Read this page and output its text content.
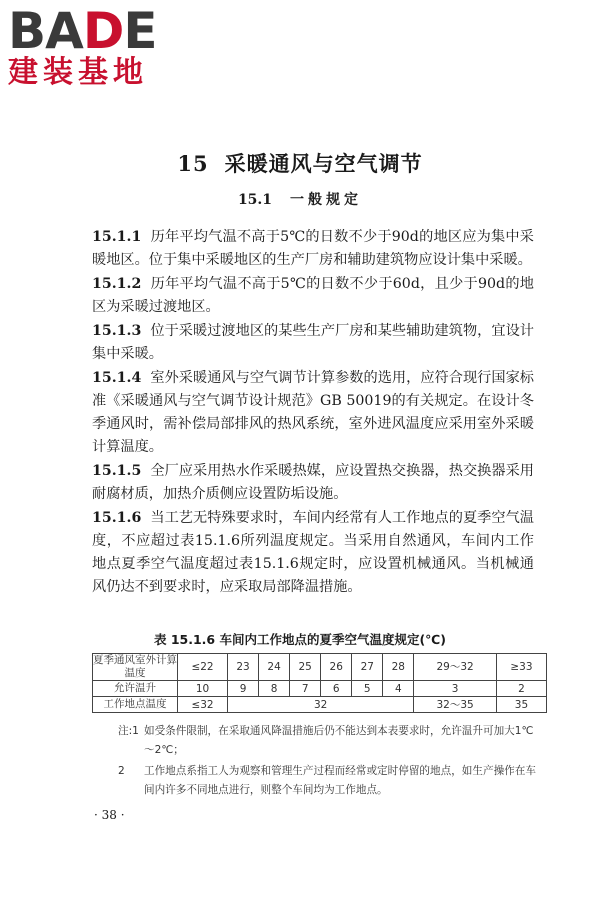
BADE
建装基地
15 采暖通风与空气调节
15.1 一般规定

15.1.1 历年平均气温不高于5℃的日数不少于90d的地区应为集中采暖地区。位于集中采暖地区的生产厂房和辅助建筑物应设计集中采暖。

15.1.2 历年平均气温不高于5℃的日数不少于60d，且少于90d的地区为采暖过渡地区。

15.1.3 位于采暖过渡地区的某些生产厂房和某些辅助建筑物，宜设计集中采暖。

15.1.4 室外采暖通风与空气调节计算参数的选用，应符合现行国家标准《采暖通风与空气调节设计规范》GB 50019的有关规定。在设计冬季通风时，需补偿局部排风的热风系统，室外进风温度应采用室外采暖计算温度。

15.1.5 全厂应采用热水作采暖热媒，应设置热交换器，热交换器采用耐腐材质，加热介质侧应设置防垢设施。

15.1.6 当工艺无特殊要求时，车间内经常有人工作地点的夏季空气温度，不应超过表15.1.6所列温度规定。当采用自然通风，车间内工作地点夏季空气温度超过表15.1.6规定时，应设置机械通风。当机械通风仍达不到要求时，应采取局部降温措施。

表 15.1.6 车间内工作地点的夏季空气温度规定(℃)
夏季通风室外计算温度	≤22	23	24	25	26	27	28	29～32	≥33
允许温升	10	9	8	7	6	5	4	3	2
工作地点温度	≤32	32						32～35	35
注:1 如受条件限制，在采取通风降温措施后仍不能达到本表要求时，允许温升可加大1℃～2℃；
2 工作地点系指工人为观察和管理生产过程而经常或定时停留的地点，如生产操作在车间内许多不同地点进行，则整个车间均为工作地点。
· 38 ·
